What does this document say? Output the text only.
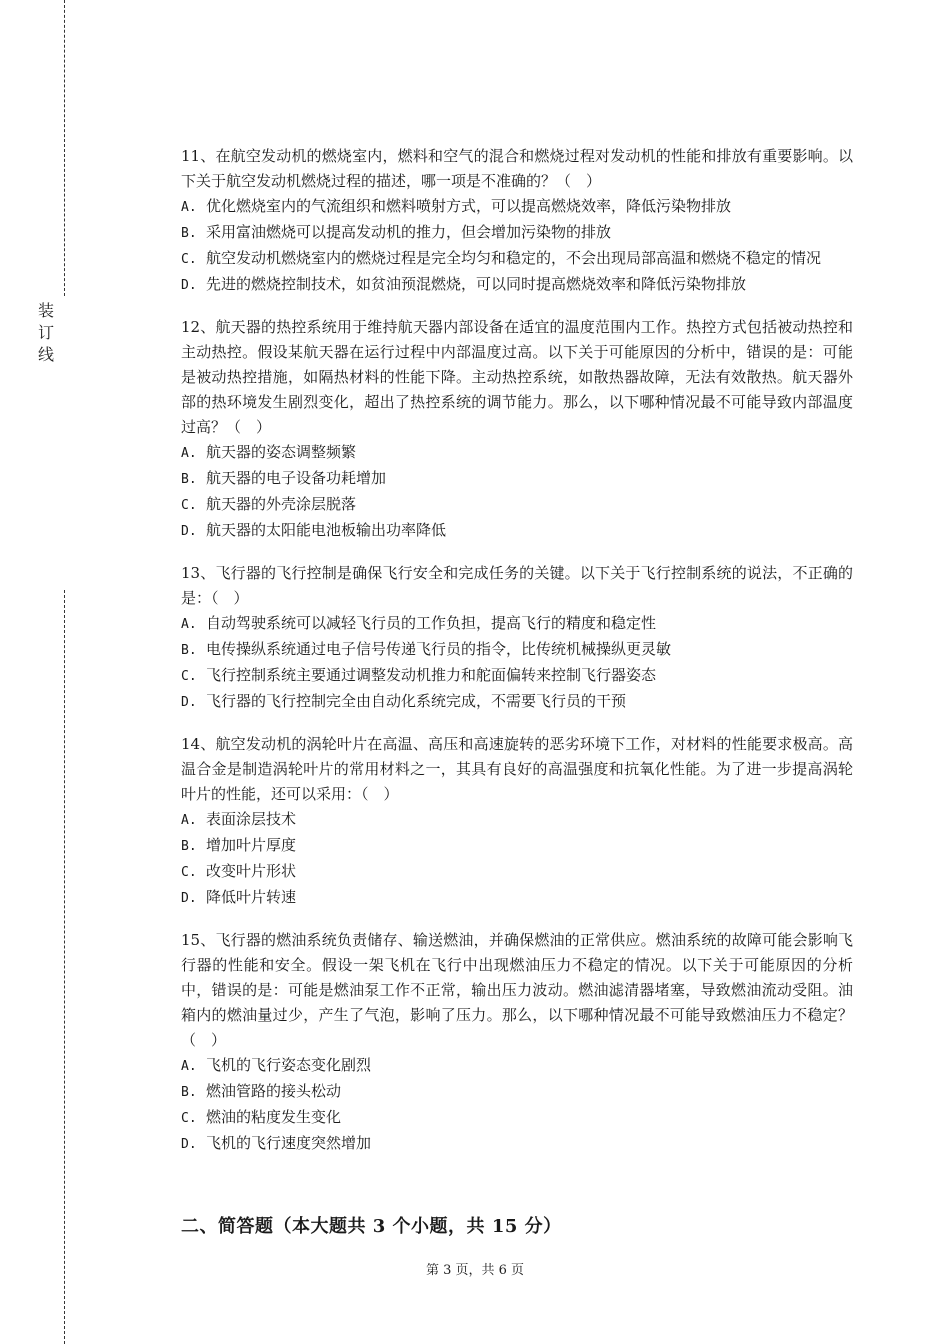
装
订
线
11、在航空发动机的燃烧室内，燃料和空气的混合和燃烧过程对发动机的性能和排放有重要影响。以下关于航空发动机燃烧过程的描述，哪一项是不准确的？（　）
A. 优化燃烧室内的气流组织和燃料喷射方式，可以提高燃烧效率，降低污染物排放
B. 采用富油燃烧可以提高发动机的推力，但会增加污染物的排放
C. 航空发动机燃烧室内的燃烧过程是完全均匀和稳定的，不会出现局部高温和燃烧不稳定的情况
D. 先进的燃烧控制技术，如贫油预混燃烧，可以同时提高燃烧效率和降低污染物排放
12、航天器的热控系统用于维持航天器内部设备在适宜的温度范围内工作。热控方式包括被动热控和主动热控。假设某航天器在运行过程中内部温度过高。以下关于可能原因的分析中，错误的是：可能是被动热控措施，如隔热材料的性能下降。主动热控系统，如散热器故障，无法有效散热。航天器外部的热环境发生剧烈变化，超出了热控系统的调节能力。那么，以下哪种情况最不可能导致内部温度过高？（　）
A. 航天器的姿态调整频繁
B. 航天器的电子设备功耗增加
C. 航天器的外壳涂层脱落
D. 航天器的太阳能电池板输出功率降低
13、飞行器的飞行控制是确保飞行安全和完成任务的关键。以下关于飞行控制系统的说法，不正确的是：（　）
A. 自动驾驶系统可以减轻飞行员的工作负担，提高飞行的精度和稳定性
B. 电传操纵系统通过电子信号传递飞行员的指令，比传统机械操纵更灵敏
C. 飞行控制系统主要通过调整发动机推力和舵面偏转来控制飞行器姿态
D. 飞行器的飞行控制完全由自动化系统完成，不需要飞行员的干预
14、航空发动机的涡轮叶片在高温、高压和高速旋转的恶劣环境下工作，对材料的性能要求极高。高温合金是制造涡轮叶片的常用材料之一，其具有良好的高温强度和抗氧化性能。为了进一步提高涡轮叶片的性能，还可以采用：（　）
A. 表面涂层技术
B. 增加叶片厚度
C. 改变叶片形状
D. 降低叶片转速
15、飞行器的燃油系统负责储存、输送燃油，并确保燃油的正常供应。燃油系统的故障可能会影响飞行器的性能和安全。假设一架飞机在飞行中出现燃油压力不稳定的情况。以下关于可能原因的分析中，错误的是：可能是燃油泵工作不正常，输出压力波动。燃油滤清器堵塞，导致燃油流动受阻。油箱内的燃油量过少，产生了气泡，影响了压力。那么，以下哪种情况最不可能导致燃油压力不稳定？（　）
A. 飞机的飞行姿态变化剧烈
B. 燃油管路的接头松动
C. 燃油的粘度发生变化
D. 飞机的飞行速度突然增加
二、简答题（本大题共 3 个小题，共 15 分）
第 3 页，共 6 页
